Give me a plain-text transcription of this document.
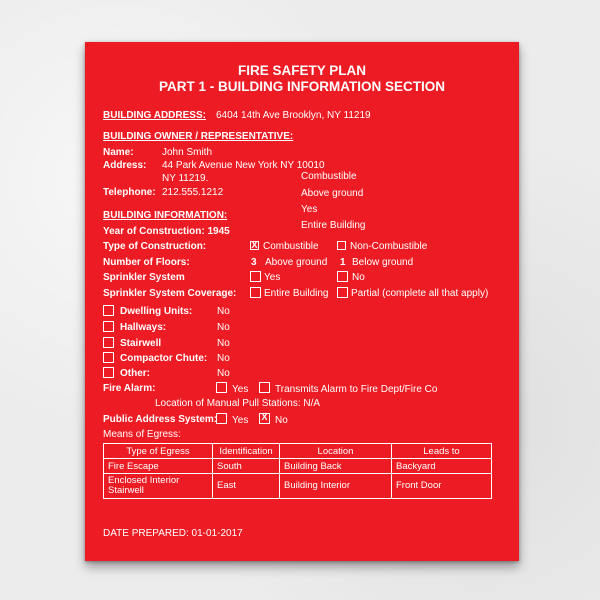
FIRE SAFETY PLAN
PART 1 - BUILDING INFORMATION SECTION
BUILDING ADDRESS: 6404 14th Ave Brooklyn, NY 11219
BUILDING OWNER / REPRESENTATIVE:
Name:	John Smith
Address: 44 Park Avenue New York NY 10010
NY 11219.
Telephone: 212.555.1212
Combustible
Above ground
Yes
Entire Building
BUILDING INFORMATION:
Year of Construction: 1945
Type of Construction:	X Combustible	Non-Combustible
Number of Floors:	3 Above ground 1 Below ground
Sprinkler System	Yes	No
Sprinkler System Coverage:	Entire Building Partial (complete all that apply)
Dwelling Units: No
Hallways:	No
Stairwell	No
Compactor Chute: No
Other:	No
Fire Alarm:	Yes	Transmits Alarm to Fire Dept/Fire Co
Location of Manual Pull Stations: N/A
Public Address System: Yes X No
Means of Egress:
Type of Egress	Identification	Location	Leads to
Fire Escape	South	Building Back	Backyard
Enclosed Interior Stairwell	East	Building Interior	Front Door
DATE PREPARED: 01-01-2017
